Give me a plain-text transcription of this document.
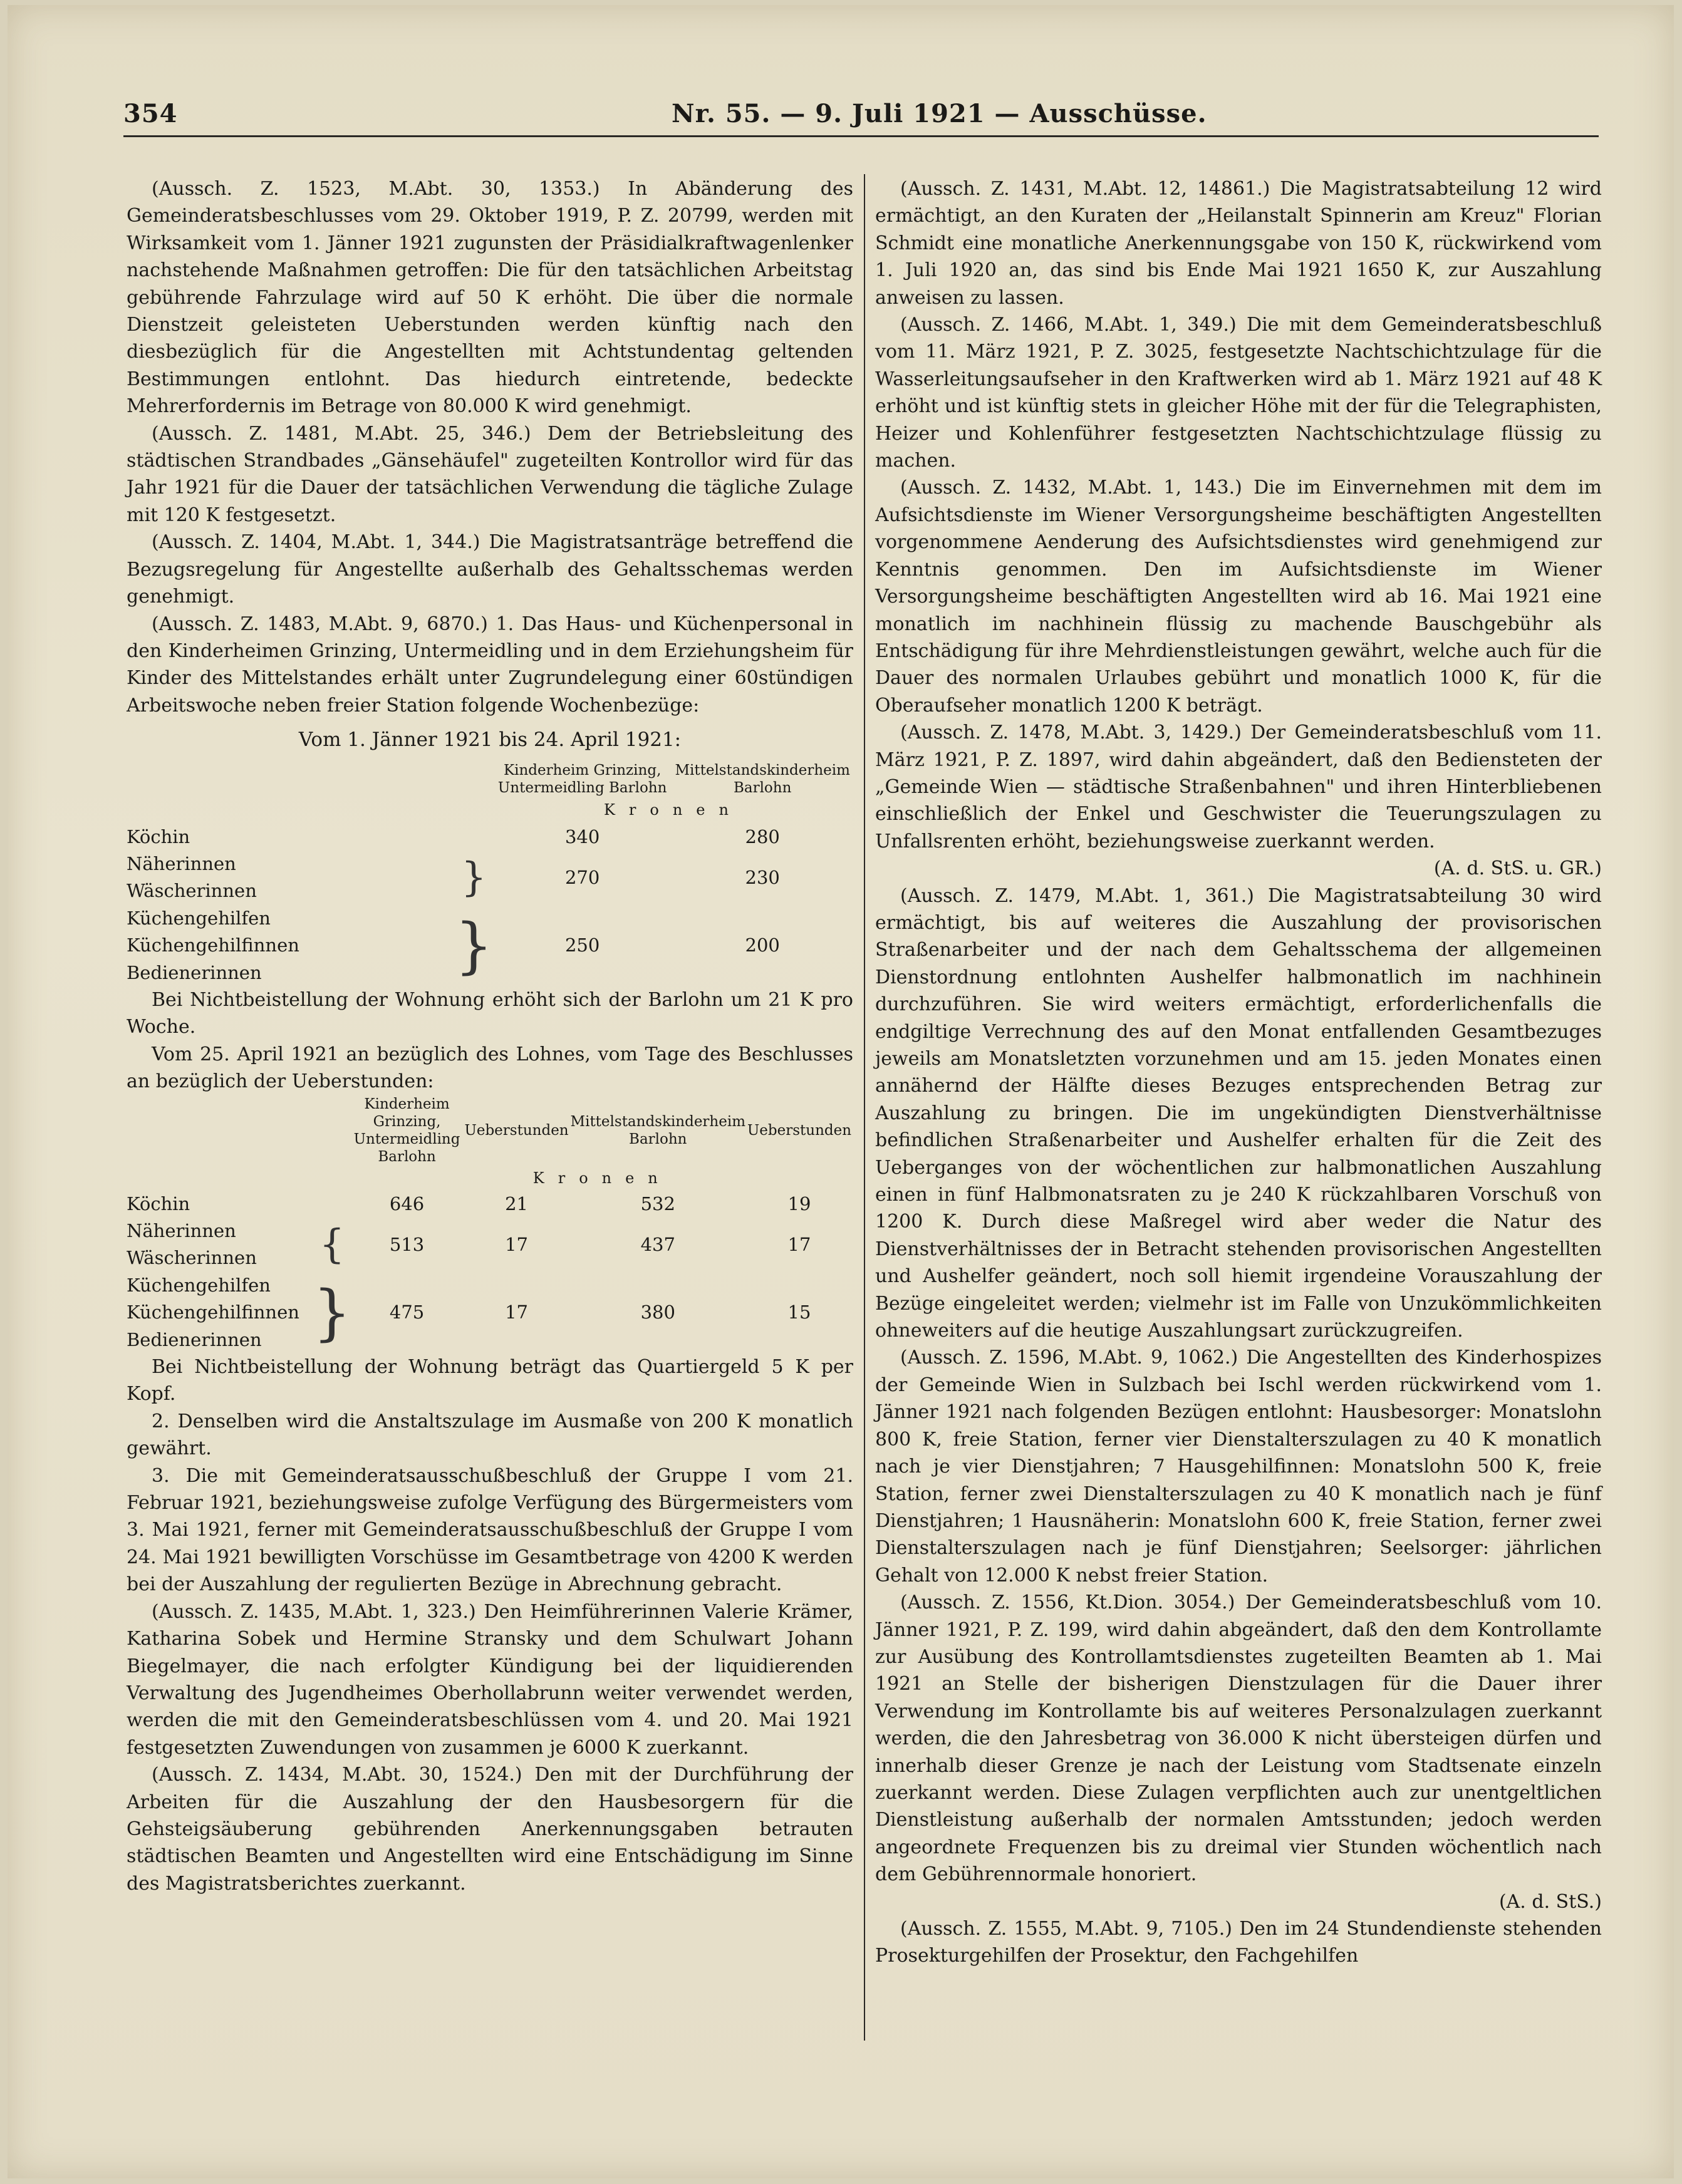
354	Nr. 55. — 9. Juli 1921 — Ausschüsse.

(Aussch. Z. 1523, M.Abt. 30, 1353.) In Abänderung des Gemeinderatsbeschlusses vom 29. Oktober 1919, P. Z. 20799, werden mit Wirksamkeit vom 1. Jänner 1921 zugunsten der Präsidialkraftwagenlenker nachstehende Maßnahmen getroffen: Die für den tatsächlichen Arbeitstag gebührende Fahrzulage wird auf 50 K erhöht. Die über die normale Dienstzeit geleisteten Ueberstunden werden künftig nach den diesbezüglich für die Angestellten mit Achtstundentag geltenden Bestimmungen entlohnt. Das hiedurch eintretende, bedeckte Mehrerfordernis im Betrage von 80.000 K wird genehmigt.

(Aussch. Z. 1481, M.Abt. 25, 346.) Dem der Betriebsleitung des städtischen Strandbades „Gänsehäufel" zugeteilten Kontrollor wird für das Jahr 1921 für die Dauer der tatsächlichen Verwendung die tägliche Zulage mit 120 K festgesetzt.

(Aussch. Z. 1404, M.Abt. 1, 344.) Die Magistratsanträge betreffend die Bezugsregelung für Angestellte außerhalb des Gehaltsschemas werden genehmigt.

(Aussch. Z. 1483, M.Abt. 9, 6870.) 1. Das Haus- und Küchenpersonal in den Kinderheimen Grinzing, Untermeidling und in dem Erziehungsheim für Kinder des Mittelstandes erhält unter Zugrundelegung einer 60stündigen Arbeitswoche neben freier Station folgende Wochenbezüge:

Vom 1. Jänner 1921 bis 24. April 1921:

		Kinderheim Grinzing, Untermeidling Barlohn	Mittelstandskinderheim Barlohn
		Kronen	
Köchin		340	280
Näherinnen	}	270	230
Wäscherinnen			
Küchengehilfen	}	250	200
Küchengehilfinnen			
Bedienerinnen			

Bei Nichtbeistellung der Wohnung erhöht sich der Barlohn um 21 K pro Woche.

Vom 25. April 1921 an bezüglich des Lohnes, vom Tage des Beschlusses an bezüglich der Ueberstunden:

		Kinderheim Grinzing, Untermeidling Barlohn	Ueberstunden	Mittelstandskinderheim Barlohn	Ueberstunden
		Kronen			
Köchin		646	21	532	19
Näherinnen	{	513	17	437	17
Wäscherinnen					
Küchengehilfen	}	475	17	380	15
Küchengehilfinnen					
Bedienerinnen					

Bei Nichtbeistellung der Wohnung beträgt das Quartiergeld 5 K per Kopf.

2. Denselben wird die Anstaltszulage im Ausmaße von 200 K monatlich gewährt.

3. Die mit Gemeinderatsausschußbeschluß der Gruppe I vom 21. Februar 1921, beziehungsweise zufolge Verfügung des Bürgermeisters vom 3. Mai 1921, ferner mit Gemeinderatsausschußbeschluß der Gruppe I vom 24. Mai 1921 bewilligten Vorschüsse im Gesamtbetrage von 4200 K werden bei der Auszahlung der regulierten Bezüge in Abrechnung gebracht.

(Aussch. Z. 1435, M.Abt. 1, 323.) Den Heimführerinnen Valerie Krämer, Katharina Sobek und Hermine Stransky und dem Schulwart Johann Biegelmayer, die nach erfolgter Kündigung bei der liquidierenden Verwaltung des Jugendheimes Oberhollabrunn weiter verwendet werden, werden die mit den Gemeinderatsbeschlüssen vom 4. und 20. Mai 1921 festgesetzten Zuwendungen von zusammen je 6000 K zuerkannt.

(Aussch. Z. 1434, M.Abt. 30, 1524.) Den mit der Durchführung der Arbeiten für die Auszahlung der den Hausbesorgern für die Gehsteigsäuberung gebührenden Anerkennungsgaben betrauten städtischen Beamten und Angestellten wird eine Entschädigung im Sinne des Magistratsberichtes zuerkannt.

(Aussch. Z. 1431, M.Abt. 12, 14861.) Die Magistratsabteilung 12 wird ermächtigt, an den Kuraten der „Heilanstalt Spinnerin am Kreuz" Florian Schmidt eine monatliche Anerkennungsgabe von 150 K, rückwirkend vom 1. Juli 1920 an, das sind bis Ende Mai 1921 1650 K, zur Auszahlung anweisen zu lassen.

(Aussch. Z. 1466, M.Abt. 1, 349.) Die mit dem Gemeinderatsbeschluß vom 11. März 1921, P. Z. 3025, festgesetzte Nachtschichtzulage für die Wasserleitungsaufseher in den Kraftwerken wird ab 1. März 1921 auf 48 K erhöht und ist künftig stets in gleicher Höhe mit der für die Telegraphisten, Heizer und Kohlenführer festgesetzten Nachtschichtzulage flüssig zu machen.

(Aussch. Z. 1432, M.Abt. 1, 143.) Die im Einvernehmen mit dem im Aufsichtsdienste im Wiener Versorgungsheime beschäftigten Angestellten vorgenommene Aenderung des Aufsichtsdienstes wird genehmigend zur Kenntnis genommen. Den im Aufsichtsdienste im Wiener Versorgungsheime beschäftigten Angestellten wird ab 16. Mai 1921 eine monatlich im nachhinein flüssig zu machende Bauschgebühr als Entschädigung für ihre Mehrdienstleistungen gewährt, welche auch für die Dauer des normalen Urlaubes gebührt und monatlich 1000 K, für die Oberaufseher monatlich 1200 K beträgt.

(Aussch. Z. 1478, M.Abt. 3, 1429.) Der Gemeinderatsbeschluß vom 11. März 1921, P. Z. 1897, wird dahin abgeändert, daß den Bediensteten der „Gemeinde Wien — städtische Straßenbahnen" und ihren Hinterbliebenen einschließlich der Enkel und Geschwister die Teuerungszulagen zu Unfallsrenten erhöht, beziehungsweise zuerkannt werden.

(A. d. StS. u. GR.)

(Aussch. Z. 1479, M.Abt. 1, 361.) Die Magistratsabteilung 30 wird ermächtigt, bis auf weiteres die Auszahlung der provisorischen Straßenarbeiter und der nach dem Gehaltsschema der allgemeinen Dienstordnung entlohnten Aushelfer halbmonatlich im nachhinein durchzuführen. Sie wird weiters ermächtigt, erforderlichenfalls die endgiltige Verrechnung des auf den Monat entfallenden Gesamtbezuges jeweils am Monatsletzten vorzunehmen und am 15. jeden Monates einen annähernd der Hälfte dieses Bezuges entsprechenden Betrag zur Auszahlung zu bringen. Die im ungekündigten Dienstverhältnisse befindlichen Straßenarbeiter und Aushelfer erhalten für die Zeit des Ueberganges von der wöchentlichen zur halbmonatlichen Auszahlung einen in fünf Halbmonatsraten zu je 240 K rückzahlbaren Vorschuß von 1200 K. Durch diese Maßregel wird aber weder die Natur des Dienstverhältnisses der in Betracht stehenden provisorischen Angestellten und Aushelfer geändert, noch soll hiemit irgendeine Vorauszahlung der Bezüge eingeleitet werden; vielmehr ist im Falle von Unzukömmlichkeiten ohneweiters auf die heutige Auszahlungsart zurückzugreifen.

(Aussch. Z. 1596, M.Abt. 9, 1062.) Die Angestellten des Kinderhospizes der Gemeinde Wien in Sulzbach bei Ischl werden rückwirkend vom 1. Jänner 1921 nach folgenden Bezügen entlohnt: Hausbesorger: Monatslohn 800 K, freie Station, ferner vier Dienstalterszulagen zu 40 K monatlich nach je vier Dienstjahren; 7 Hausgehilfinnen: Monatslohn 500 K, freie Station, ferner zwei Dienstalterszulagen zu 40 K monatlich nach je fünf Dienstjahren; 1 Hausnäherin: Monatslohn 600 K, freie Station, ferner zwei Dienstalterszulagen nach je fünf Dienstjahren; Seelsorger: jährlichen Gehalt von 12.000 K nebst freier Station.

(Aussch. Z. 1556, Kt.Dion. 3054.) Der Gemeinderatsbeschluß vom 10. Jänner 1921, P. Z. 199, wird dahin abgeändert, daß den dem Kontrollamte zur Ausübung des Kontrollamtsdienstes zugeteilten Beamten ab 1. Mai 1921 an Stelle der bisherigen Dienstzulagen für die Dauer ihrer Verwendung im Kontrollamte bis auf weiteres Personalzulagen zuerkannt werden, die den Jahresbetrag von 36.000 K nicht übersteigen dürfen und innerhalb dieser Grenze je nach der Leistung vom Stadtsenate einzeln zuerkannt werden. Diese Zulagen verpflichten auch zur unentgeltlichen Dienstleistung außerhalb der normalen Amtsstunden; jedoch werden angeordnete Frequenzen bis zu dreimal vier Stunden wöchentlich nach dem Gebührennormale honoriert.

(A. d. StS.)

(Aussch. Z. 1555, M.Abt. 9, 7105.) Den im 24 Stundendienste stehenden Prosekturgehilfen der Prosektur, den Fachgehilfen
